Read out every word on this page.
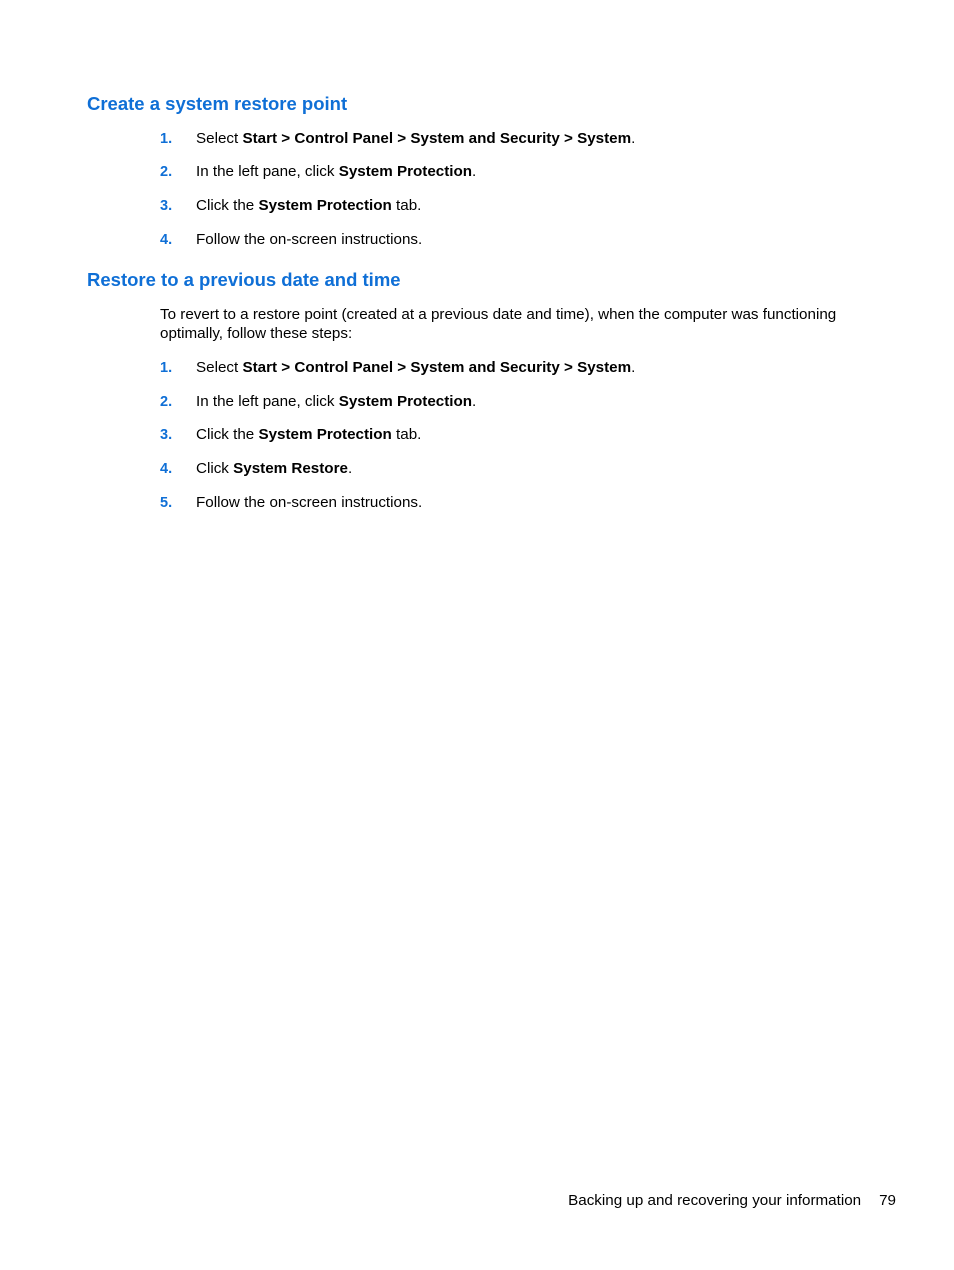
Create a system restore point
1. Select Start > Control Panel > System and Security > System.
2. In the left pane, click System Protection.
3. Click the System Protection tab.
4. Follow the on-screen instructions.
Restore to a previous date and time

To revert to a restore point (created at a previous date and time), when the computer was functioning optimally, follow these steps:

1. Select Start > Control Panel > System and Security > System.
2. In the left pane, click System Protection.
3. Click the System Protection tab.
4. Click System Restore.
5. Follow the on-screen instructions.
Backing up and recovering your information 79
